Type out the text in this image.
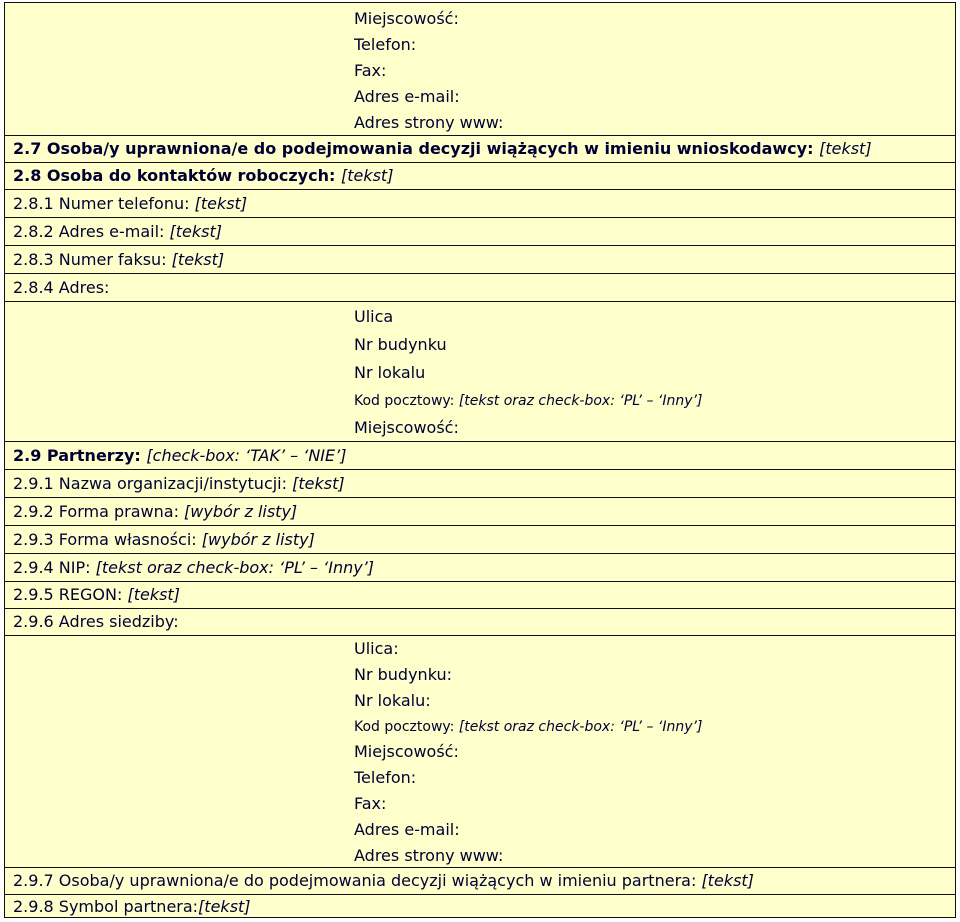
Miejscowość:
Telefon:
Fax:
Adres e-mail:
Adres strony www:
2.7 Osoba/y uprawniona/e do podejmowania decyzji wiążących w imieniu wnioskodawcy: [tekst]
2.8 Osoba do kontaktów roboczych: [tekst]
2.8.1 Numer telefonu: [tekst]
2.8.2 Adres e-mail: [tekst]
2.8.3 Numer faksu: [tekst]
2.8.4 Adres:
Ulica
Nr budynku
Nr lokalu
Kod pocztowy: [tekst oraz check-box: ‘PL’ – ‘Inny’]
Miejscowość:
2.9 Partnerzy: [check-box: ‘TAK’ – ‘NIE’]
2.9.1 Nazwa organizacji/instytucji: [tekst]
2.9.2 Forma prawna: [wybór z listy]
2.9.3 Forma własności: [wybór z listy]
2.9.4 NIP: [tekst oraz check-box: ‘PL’ – ‘Inny’]
2.9.5 REGON: [tekst]
2.9.6 Adres siedziby:
Ulica:
Nr budynku:
Nr lokalu:
Kod pocztowy: [tekst oraz check-box: ‘PL’ – ‘Inny’]
Miejscowość:
Telefon:
Fax:
Adres e-mail:
Adres strony www:
2.9.7 Osoba/y uprawniona/e do podejmowania decyzji wiążących w imieniu partnera: [tekst]
2.9.8 Symbol partnera:[tekst]
